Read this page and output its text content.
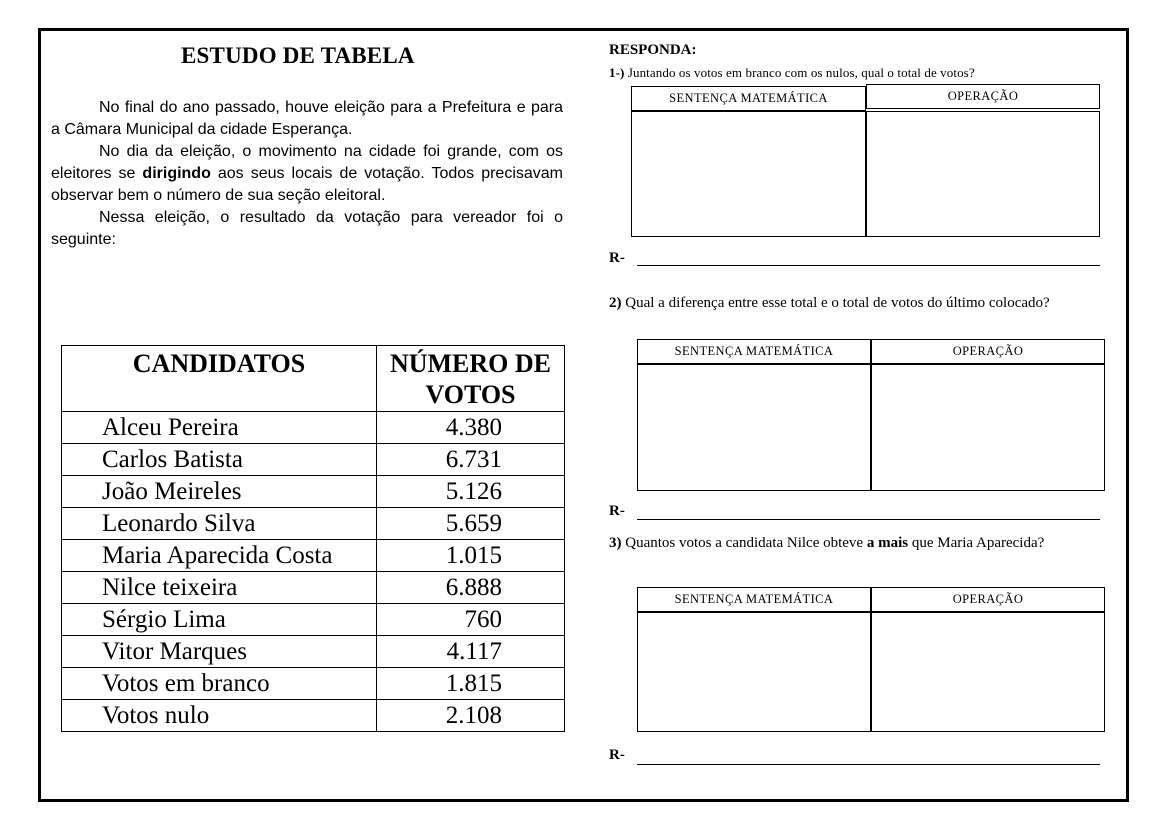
ESTUDO DE TABELA

No final do ano passado, houve eleição para a Prefeitura e para a Câmara Municipal da cidade Esperança.

No dia da eleição, o movimento na cidade foi grande, com os eleitores se dirigindo aos seus locais de votação. Todos precisavam observar bem o número de sua seção eleitoral.

Nessa eleição, o resultado da votação para vereador foi o seguinte:

CANDIDATOS	NÚMERO DE VOTOS
Alceu Pereira	4.380
Carlos Batista	6.731
João Meireles	5.126
Leonardo Silva	5.659
Maria Aparecida Costa	1.015
Nilce teixeira	6.888
Sérgio Lima	760
Vitor Marques	4.117
Votos em branco	1.815
Votos nulo	2.108
RESPONDA:
1-) Juntando os votos em branco com os nulos, qual o total de votos?
SENTENÇA MATEMÁTICA	OPERAÇÃO
R-
2) Qual a diferença entre esse total e o total de votos do último colocado?
SENTENÇA MATEMÁTICA	OPERAÇÃO
R-
3) Quantos votos a candidata Nilce obteve a mais que Maria Aparecida?
SENTENÇA MATEMÁTICA	OPERAÇÃO
R-
